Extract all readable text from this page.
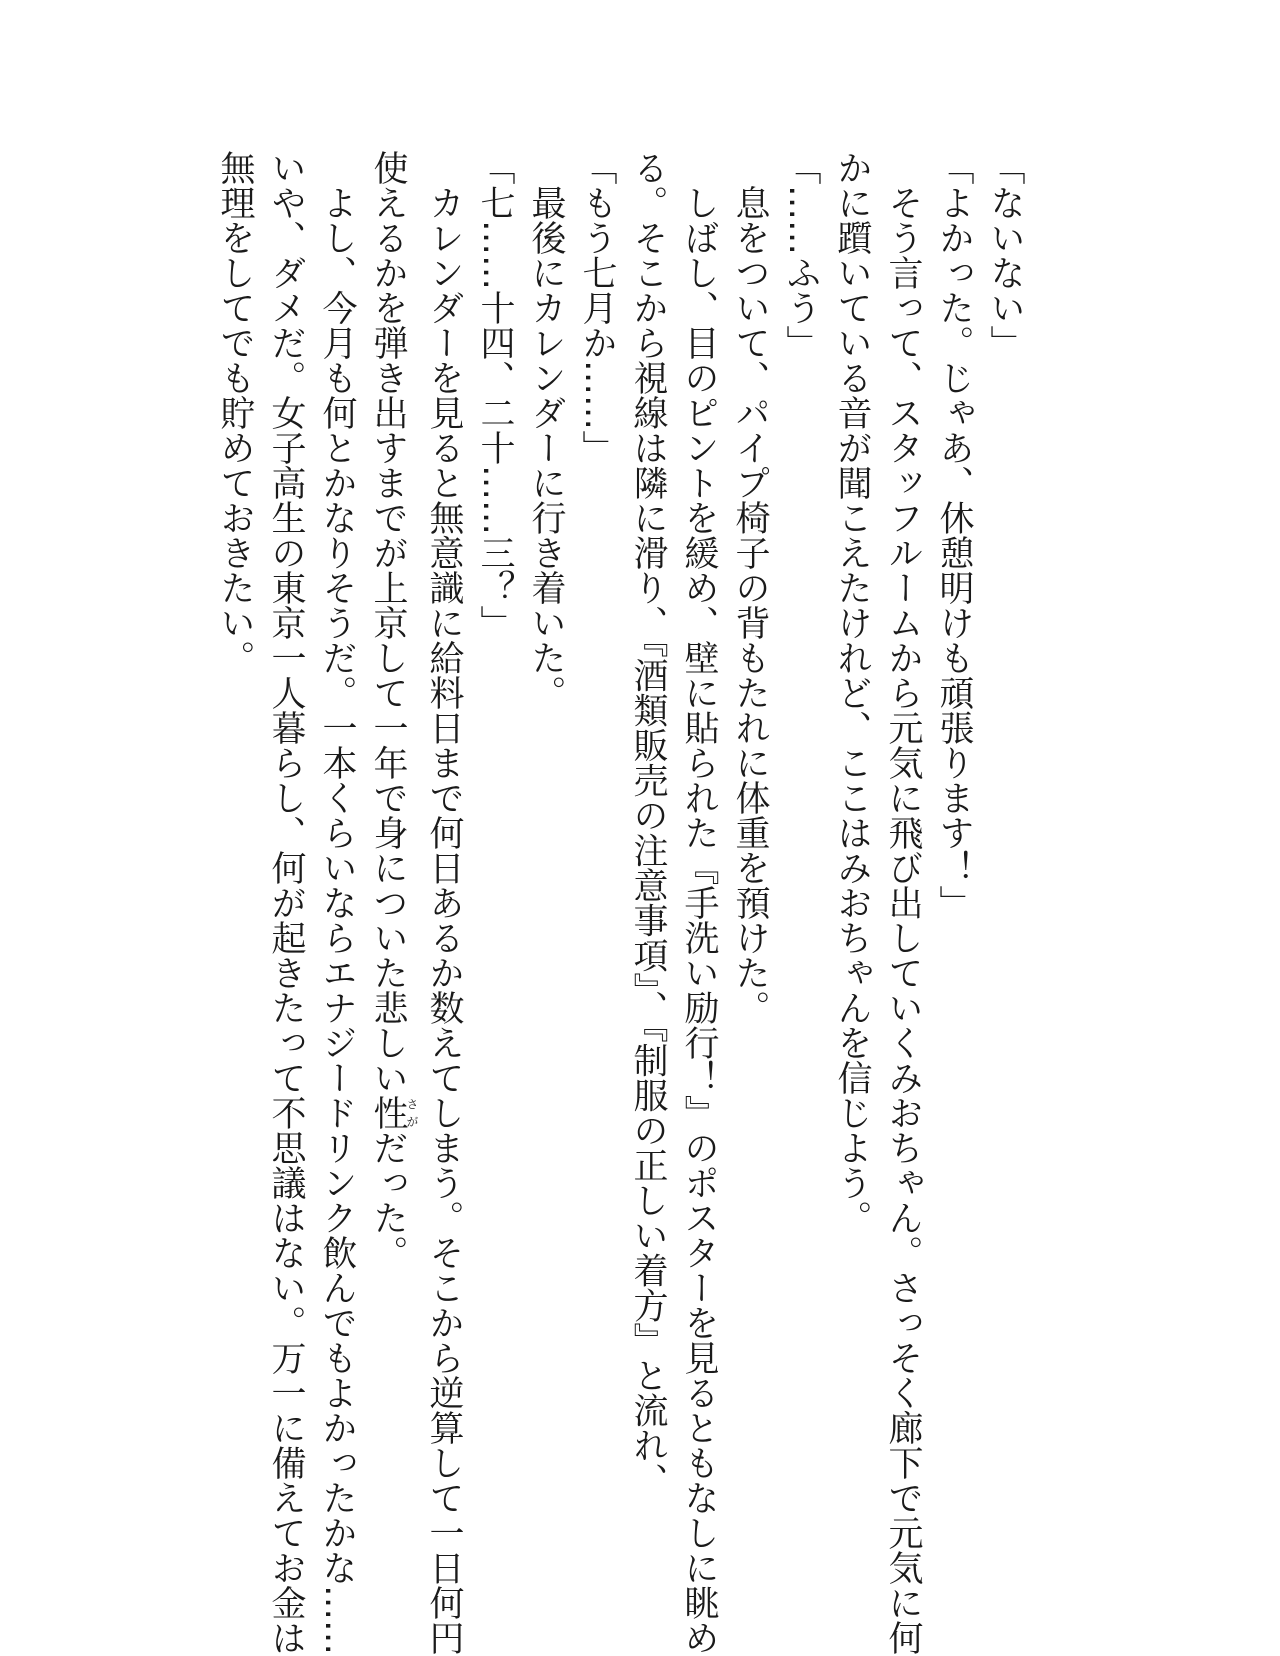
「ないない」

「よかった。じゃあ、休憩明けも頑張ります！」

　そう言って、スタッフルームから元気に飛び出していくみおちゃん。さっそく廊下で元気に何

かに躓いている音が聞こえたけれど、ここはみおちゃんを信じよう。

「……ふう」

　息をついて、パイプ椅子の背もたれに体重を預けた。

　しばし、目のピントを緩め、壁に貼られた『手洗い励行！』のポスターを見るともなしに眺め

る。そこから視線は隣に滑り、『酒類販売の注意事項』、『制服の正しい着方』と流れ、

「もう七月か……」

　最後にカレンダーに行き着いた。

「七……十四、二十……三？」

　カレンダーを見ると無意識に給料日まで何日あるか数えてしまう。そこから逆算して一日何円

使えるかを弾き出すまでが上京して一年で身についた悲しい性さがだった。

　よし、今月も何とかなりそうだ。一本くらいならエナジードリンク飲んでもよかったかな……

いや、ダメだ。女子高生の東京一人暮らし、何が起きたって不思議はない。万一に備えてお金は

無理をしてでも貯めておきたい。
